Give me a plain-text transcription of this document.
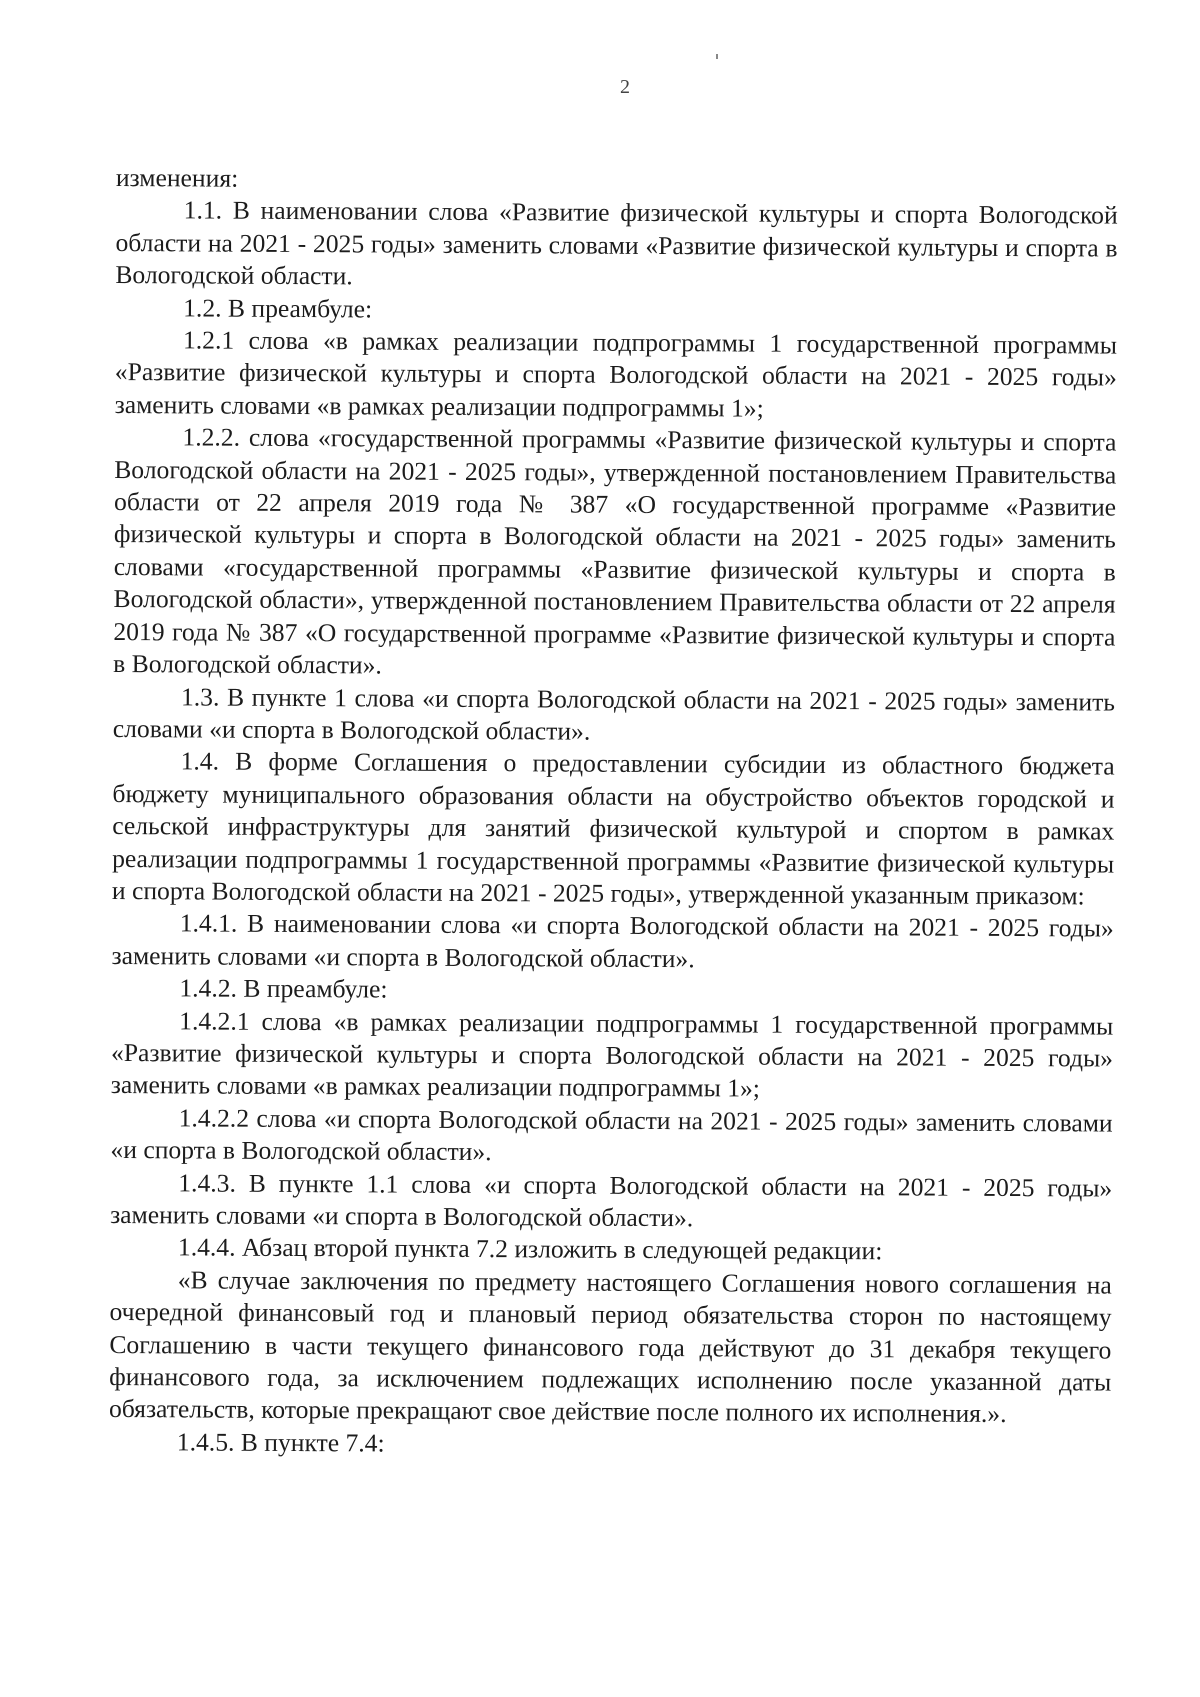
2

изменения:

1.1. В наименовании слова «Развитие физической культуры и спорта Вологодской области на 2021 - 2025 годы» заменить словами «Развитие физической культуры и спорта в Вологодской области.

1.2. В преамбуле:

1.2.1 слова «в рамках реализации подпрограммы 1 государственной программы «Развитие физической культуры и спорта Вологодской области на 2021 - 2025 годы» заменить словами «в рамках реализации подпрограммы 1»;

1.2.2. слова «государственной программы «Развитие физической культуры и спорта Вологодской области на 2021 - 2025 годы», утвержденной постановлением Правительства области от 22 апреля 2019 года № 387 «О государственной программе «Развитие физической культуры и спорта в Вологодской области на 2021 - 2025 годы» заменить словами «государственной программы «Развитие физической культуры и спорта в Вологодской области», утвержденной постановлением Правительства области от 22 апреля 2019 года № 387 «О государственной программе «Развитие физической культуры и спорта в Вологодской области».

1.3. В пункте 1 слова «и спорта Вологодской области на 2021 - 2025 годы» заменить словами «и спорта в Вологодской области».

1.4. В форме Соглашения о предоставлении субсидии из областного бюджета бюджету муниципального образования области на обустройство объектов городской и сельской инфраструктуры для занятий физической культурой и спортом в рамках реализации подпрограммы 1 государственной программы «Развитие физической культуры и спорта Вологодской области на 2021 - 2025 годы», утвержденной указанным приказом:

1.4.1. В наименовании слова «и спорта Вологодской области на 2021 - 2025 годы» заменить словами «и спорта в Вологодской области».

1.4.2. В преамбуле:

1.4.2.1 слова «в рамках реализации подпрограммы 1 государственной программы «Развитие физической культуры и спорта Вологодской области на 2021 - 2025 годы» заменить словами «в рамках реализации подпрограммы 1»;

1.4.2.2 слова «и спорта Вологодской области на 2021 - 2025 годы» заменить словами «и спорта в Вологодской области».

1.4.3. В пункте 1.1 слова «и спорта Вологодской области на 2021 - 2025 годы» заменить словами «и спорта в Вологодской области».

1.4.4. Абзац второй пункта 7.2 изложить в следующей редакции:

«В случае заключения по предмету настоящего Соглашения нового соглашения на очередной финансовый год и плановый период обязательства сторон по настоящему Соглашению в части текущего финансового года действуют до 31 декабря текущего финансового года, за исключением подлежащих исполнению после указанной даты обязательств, которые прекращают свое действие после полного их исполнения.».

1.4.5. В пункте 7.4:
